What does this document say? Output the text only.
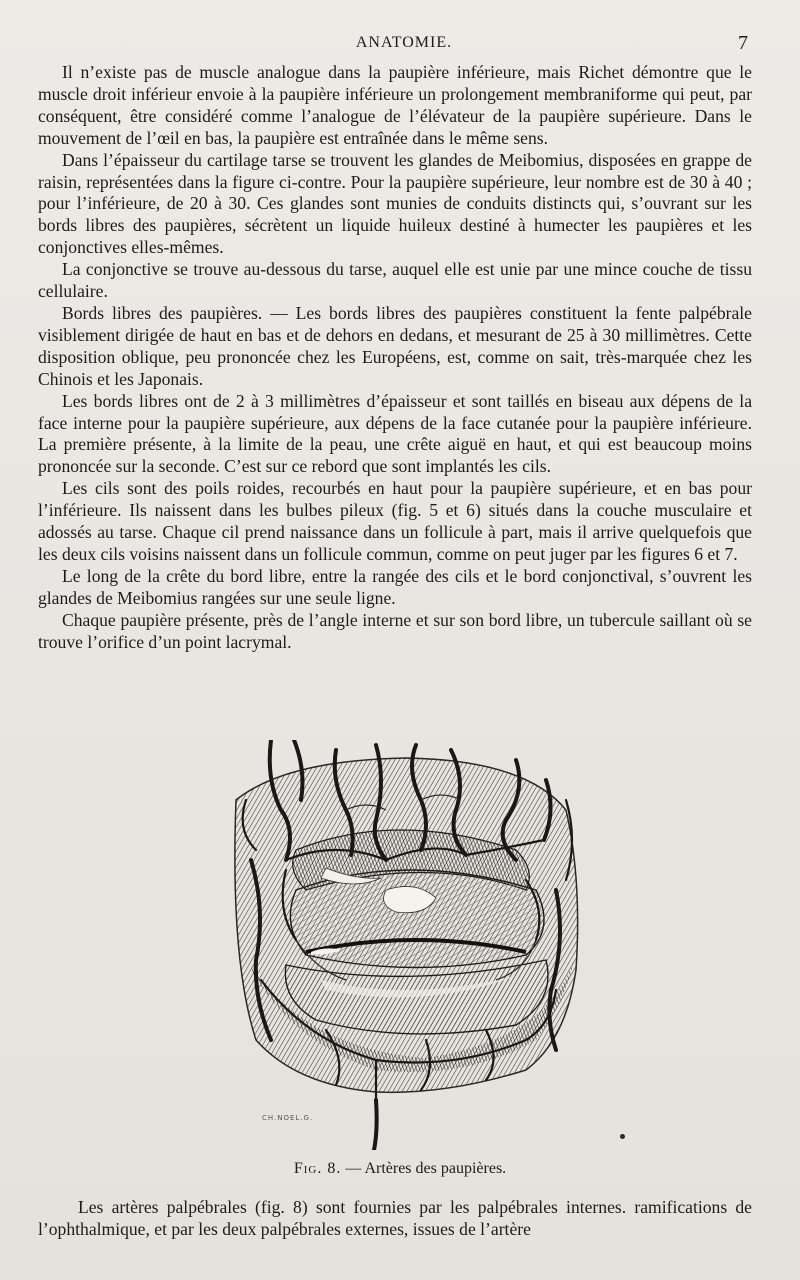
ANATOMIE.	7

Il n’existe pas de muscle analogue dans la paupière inférieure, mais Richet démontre que le muscle droit inférieur envoie à la paupière inférieure un prolongement membraniforme qui peut, par conséquent, être considéré comme l’analogue de l’élévateur de la paupière supérieure. Dans le mouvement de l’œil en bas, la paupière est entraînée dans le même sens.

Dans l’épaisseur du cartilage tarse se trouvent les glandes de Meibomius, disposées en grappe de raisin, représentées dans la figure ci-contre. Pour la paupière supérieure, leur nombre est de 30 à 40 ; pour l’inférieure, de 20 à 30. Ces glandes sont munies de conduits distincts qui, s’ouvrant sur les bords libres des paupières, sécrètent un liquide huileux destiné à humecter les paupières et les conjonctives elles-mêmes.

La conjonctive se trouve au-dessous du tarse, auquel elle est unie par une mince couche de tissu cellulaire.

Bords libres des paupières. — Les bords libres des paupières constituent la fente palpébrale visiblement dirigée de haut en bas et de dehors en dedans, et mesurant de 25 à 30 millimètres. Cette disposition oblique, peu prononcée chez les Européens, est, comme on sait, très-marquée chez les Chinois et les Japonais.

Les bords libres ont de 2 à 3 millimètres d’épaisseur et sont taillés en biseau aux dépens de la face interne pour la paupière supérieure, aux dépens de la face cutanée pour la paupière inférieure. La première présente, à la limite de la peau, une crête aiguë en haut, et qui est beaucoup moins prononcée sur la seconde. C’est sur ce rebord que sont implantés les cils.

Les cils sont des poils roides, recourbés en haut pour la paupière supérieure, et en bas pour l’inférieure. Ils naissent dans les bulbes pileux (fig. 5 et 6) situés dans la couche musculaire et adossés au tarse. Chaque cil prend naissance dans un follicule à part, mais il arrive quelquefois que les deux cils voisins naissent dans un follicule commun, comme on peut juger par les figures 6 et 7.

Le long de la crête du bord libre, entre la rangée des cils et le bord conjonctival, s’ouvrent les glandes de Meibomius rangées sur une seule ligne.

Chaque paupière présente, près de l’angle interne et sur son bord libre, un tubercule saillant où se trouve l’orifice d’un point lacrymal.

CH.NOEL.G.
Fig. 8. — Artères des paupières.

Les artères palpébrales (fig. 8) sont fournies par les palpébrales internes. ramifications de l’ophthalmique, et par les deux palpébrales externes, issues de l’artère
